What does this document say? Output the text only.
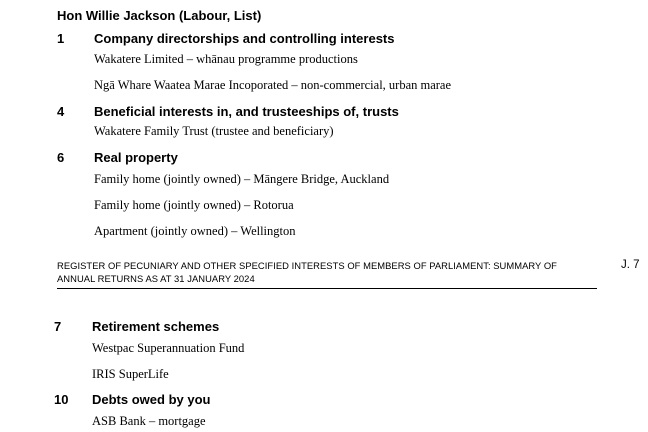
Hon Willie Jackson (Labour, List)
1 Company directorships and controlling interests
Wakatere Limited – whānau programme productions
Ngā Whare Waatea Marae Incoporated – non-commercial, urban marae
4 Beneficial interests in, and trusteeships of, trusts
Wakatere Family Trust (trustee and beneficiary)
6 Real property
Family home (jointly owned) – Māngere Bridge, Auckland
Family home (jointly owned) – Rotorua
Apartment (jointly owned) – Wellington
REGISTER OF PECUNIARY AND OTHER SPECIFIED INTERESTS OF MEMBERS OF PARLIAMENT: SUMMARY OF
ANNUAL RETURNS AS AT 31 JANUARY 2024
J. 7
7 Retirement schemes
Westpac Superannuation Fund
IRIS SuperLife
10 Debts owed by you
ASB Bank – mortgage
